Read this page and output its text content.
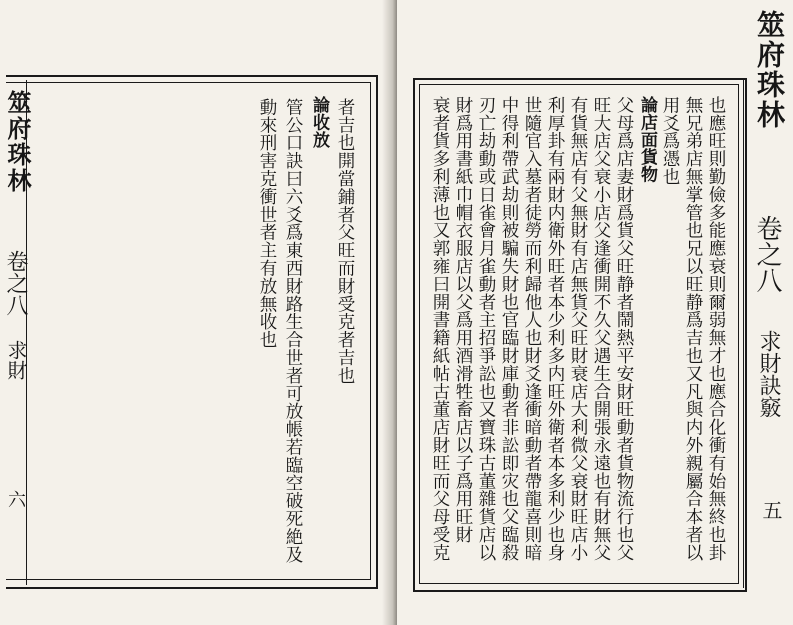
筮府珠林
卷之八
求財
六
者吉也開當鋪者父旺而財受克者吉也
論收放
管公口訣曰六爻爲東西財路生合世者可放帳若臨空破死絶及
動來刑害克衝世者主有放無收也
筮府珠林
卷之八
求財訣竅
五
也應旺則勤儉多能應衰則爾弱無才也應合化衝有始無終也卦
無兄弟店無掌管也兄以旺静爲吉也又凡與内外親屬合本者以
用爻爲憑也
論店面貨物
父母爲店妻財爲貨父旺静者鬧熱平安財旺動者貨物流行也父
旺大店父衰小店父逢衝開不久父遇生合開張永遠也有財無父
有貨無店有父無財有店無貨父旺財衰店大利微父衰財旺店小
利厚卦有兩財内衛外旺者本少利多内旺外衛者本多利少也身
世隨官入墓者徒勞而利歸他人也財爻逢衝暗動者帶龍喜則暗
中得利帶武劫則被騙失財也官臨財庫動者非訟即灾也父臨殺
刃亡劫動或日雀會月雀動者主招爭訟也又寶珠古董雜貨店以
財爲用書紙巾帽衣服店以父爲用酒滑牲畜店以子爲用旺財
衰者貨多利薄也又郭雍曰開書籍紙帖古董店財旺而父母受克
